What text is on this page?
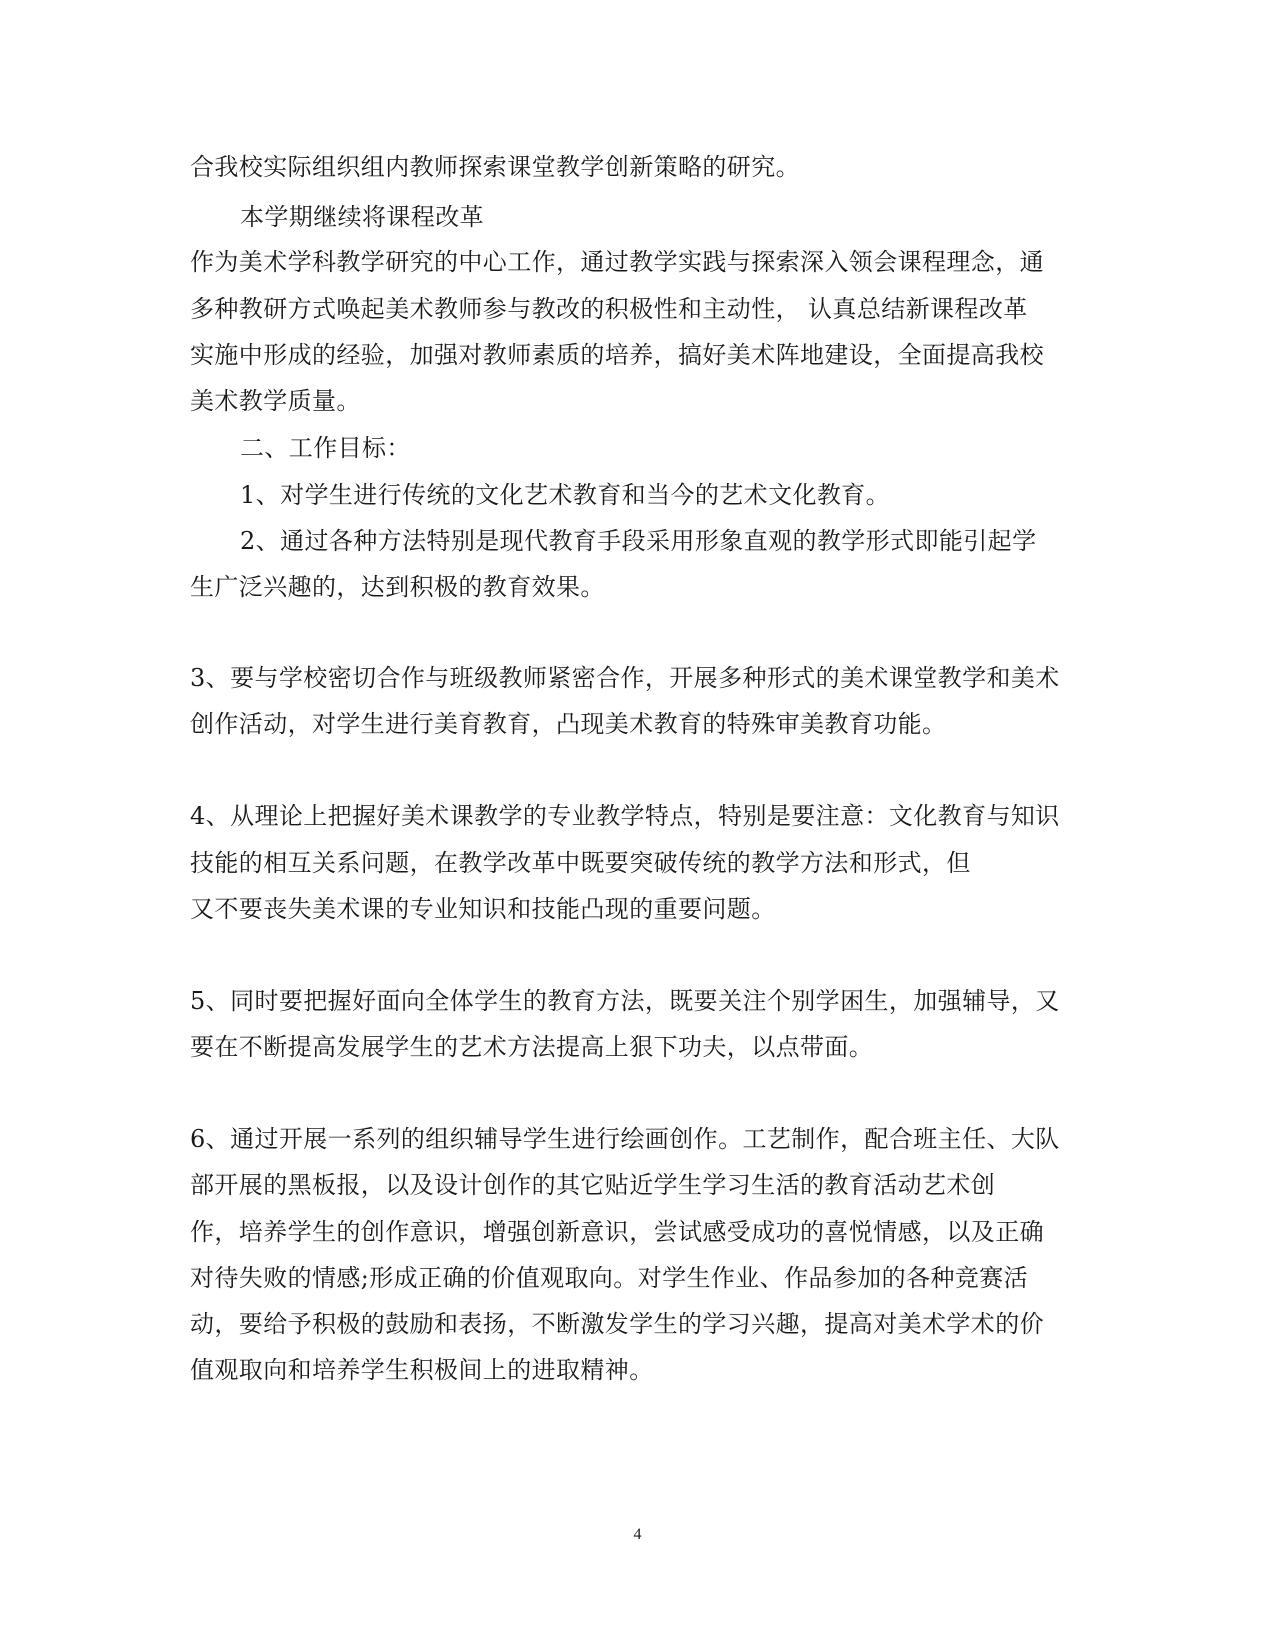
合我校实际组织组内教师探索课堂教学创新策略的研究。
本学期继续将课程改革
作为美术学科教学研究的中心工作，通过教学实践与探索深入领会课程理念，通
多种教研方式唤起美术教师参与教改的积极性和主动性， 认真总结新课程改革
实施中形成的经验，加强对教师素质的培养，搞好美术阵地建设，全面提高我校
美术教学质量。
二、工作目标：
1、对学生进行传统的文化艺术教育和当今的艺术文化教育。
2、通过各种方法特别是现代教育手段采用形象直观的教学形式即能引起学
生广泛兴趣的，达到积极的教育效果。
3、要与学校密切合作与班级教师紧密合作，开展多种形式的美术课堂教学和美术
创作活动，对学生进行美育教育，凸现美术教育的特殊审美教育功能。
4、从理论上把握好美术课教学的专业教学特点，特别是要注意：文化教育与知识
技能的相互关系问题，在教学改革中既要突破传统的教学方法和形式，但
又不要丧失美术课的专业知识和技能凸现的重要问题。
5、同时要把握好面向全体学生的教育方法，既要关注个别学困生，加强辅导，又
要在不断提高发展学生的艺术方法提高上狠下功夫，以点带面。
6、通过开展一系列的组织辅导学生进行绘画创作。工艺制作，配合班主任、大队
部开展的黑板报，以及设计创作的其它贴近学生学习生活的教育活动艺术创
作，培养学生的创作意识，增强创新意识，尝试感受成功的喜悦情感，以及正确
对待失败的情感;形成正确的价值观取向。对学生作业、作品参加的各种竞赛活
动，要给予积极的鼓励和表扬，不断激发学生的学习兴趣，提高对美术学术的价
值观取向和培养学生积极间上的进取精神。
4
